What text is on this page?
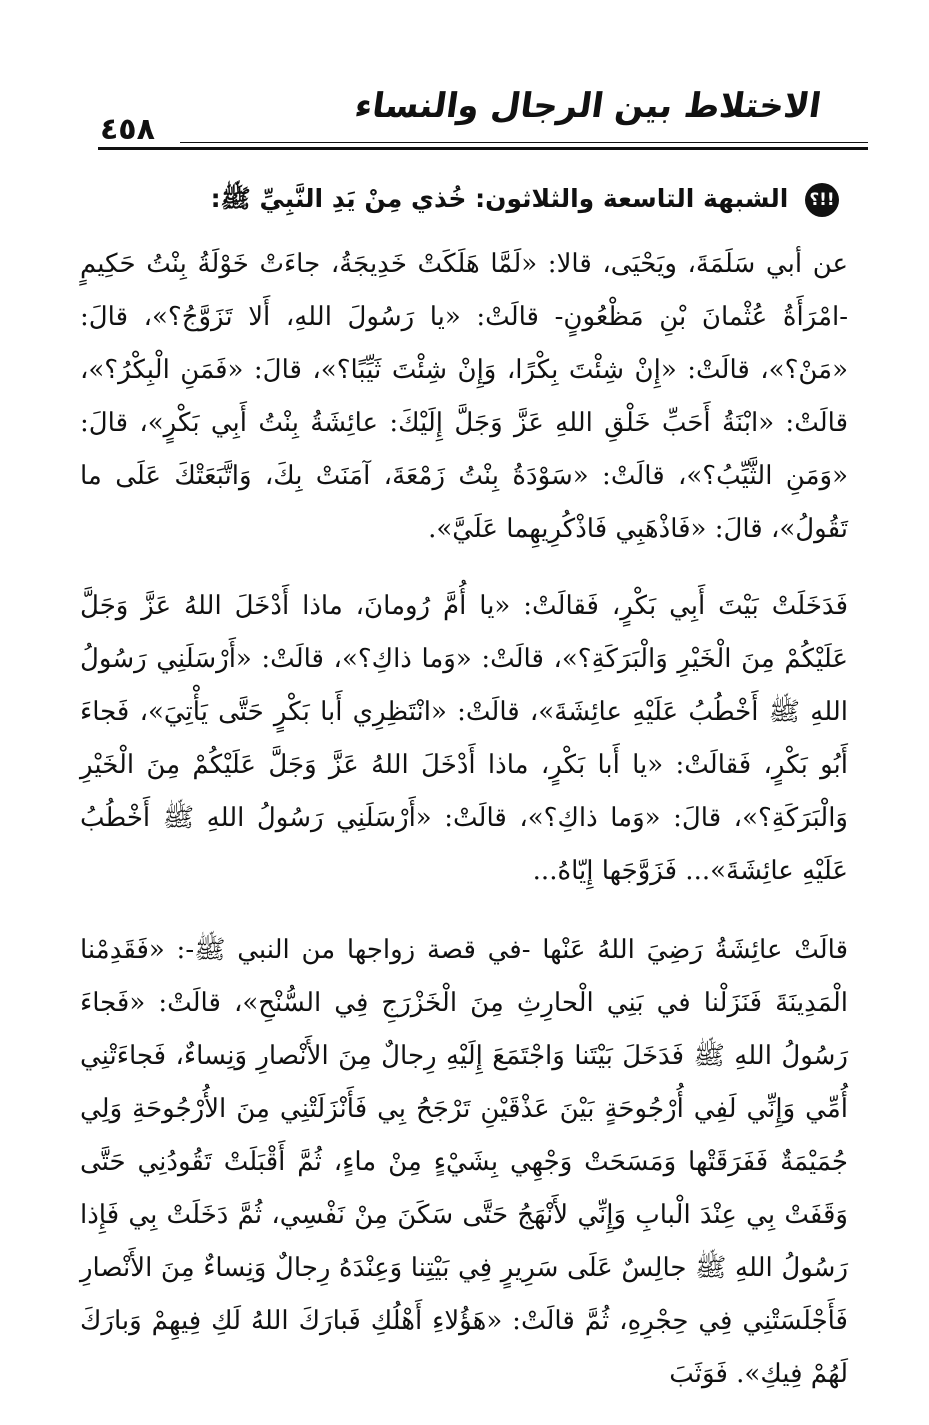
الاختلاط بين الرجال والنساء
٤٥٨
!!؟ الشبهة التاسعة والثلاثون: خُذي مِنْ يَدِ النَّبِيِّ ﷺ:

عن أبي سَلَمَةَ، ويَحْيَى، قالا: «لَمَّا هَلَكَتْ خَدِيجَةُ، جاءَتْ خَوْلَةُ بِنْتُ حَكِيمٍ -امْرَأَةُ عُثْمانَ بْنِ مَظْعُونٍ- قالَتْ: «يا رَسُولَ اللهِ، أَلا تَزَوَّجُ؟»، قالَ: «مَنْ؟»، قالَتْ: «إِنْ شِئْتَ بِكْرًا، وَإِنْ شِئْتَ ثَيِّبًا؟»، قالَ: «فَمَنِ الْبِكْرُ؟»، قالَتْ: «ابْنَةُ أَحَبِّ خَلْقِ اللهِ عَزَّ وَجَلَّ إِلَيْكَ: عائِشَةُ بِنْتُ أَبِي بَكْرٍ»، قالَ: «وَمَنِ الثَّيِّبُ؟»، قالَتْ: «سَوْدَةُ بِنْتُ زَمْعَةَ، آمَنَتْ بِكَ، وَاتَّبَعَتْكَ عَلَى ما تَقُولُ»، قالَ: «فَاذْهَبِي فَاذْكُرِيهِما عَلَيَّ».

فَدَخَلَتْ بَيْتَ أَبِي بَكْرٍ، فَقالَتْ: «يا أُمَّ رُومانَ، ماذا أَدْخَلَ اللهُ عَزَّ وَجَلَّ عَلَيْكُمْ مِنَ الْخَيْرِ وَالْبَرَكَةِ؟»، قالَتْ: «وَما ذاكِ؟»، قالَتْ: «أَرْسَلَنِي رَسُولُ اللهِ ﷺ أَخْطُبُ عَلَيْهِ عائِشَةَ»، قالَتْ: «انْتَظِرِي أَبا بَكْرٍ حَتَّى يَأْتِيَ»، فَجاءَ أَبُو بَكْرٍ، فَقالَتْ: «يا أَبا بَكْرٍ، ماذا أَدْخَلَ اللهُ عَزَّ وَجَلَّ عَلَيْكُمْ مِنَ الْخَيْرِ وَالْبَرَكَةِ؟»، قالَ: «وَما ذاكِ؟»، قالَتْ: «أَرْسَلَنِي رَسُولُ اللهِ ﷺ أَخْطُبُ عَلَيْهِ عائِشَةَ»... فَزَوَّجَها إِيّاهُ...

قالَتْ عائِشَةُ رَضِيَ اللهُ عَنْها -في قصة زواجها من النبي ﷺ-: «فَقَدِمْنا الْمَدِينَةَ فَنَزَلْنا في بَنِي الْحارِثِ مِنَ الْخَزْرَجِ فِي السُّنْحِ»، قالَتْ: «فَجاءَ رَسُولُ اللهِ ﷺ فَدَخَلَ بَيْتَنا وَاجْتَمَعَ إِلَيْهِ رِجالٌ مِنَ الأَنْصارِ وَنِساءٌ، فَجاءَتْنِي أُمِّي وَإِنِّي لَفِي أُرْجُوحَةٍ بَيْنَ عَذْقَيْنِ تَرْجَحُ بِي فَأَنْزَلَتْنِي مِنَ الأُرْجُوحَةِ وَلِي جُمَيْمَةٌ فَفَرَقَتْها وَمَسَحَتْ وَجْهِي بِشَيْءٍ مِنْ ماءٍ، ثُمَّ أَقْبَلَتْ تَقُودُنِي حَتَّى وَقَفَتْ بِي عِنْدَ الْبابِ وَإِنِّي لأَنْهَجُ حَتَّى سَكَنَ مِنْ نَفْسِي، ثُمَّ دَخَلَتْ بِي فَإِذا رَسُولُ اللهِ ﷺ جالِسٌ عَلَى سَرِيرٍ فِي بَيْتِنا وَعِنْدَهُ رِجالٌ وَنِساءٌ مِنَ الأَنْصارِ فَأَجْلَسَتْنِي فِي حِجْرِهِ، ثُمَّ قالَتْ: «هَؤُلاءِ أَهْلُكِ فَبارَكَ اللهُ لَكِ فِيهِمْ وَبارَكَ لَهُمْ فِيكِ». فَوَثَبَ
